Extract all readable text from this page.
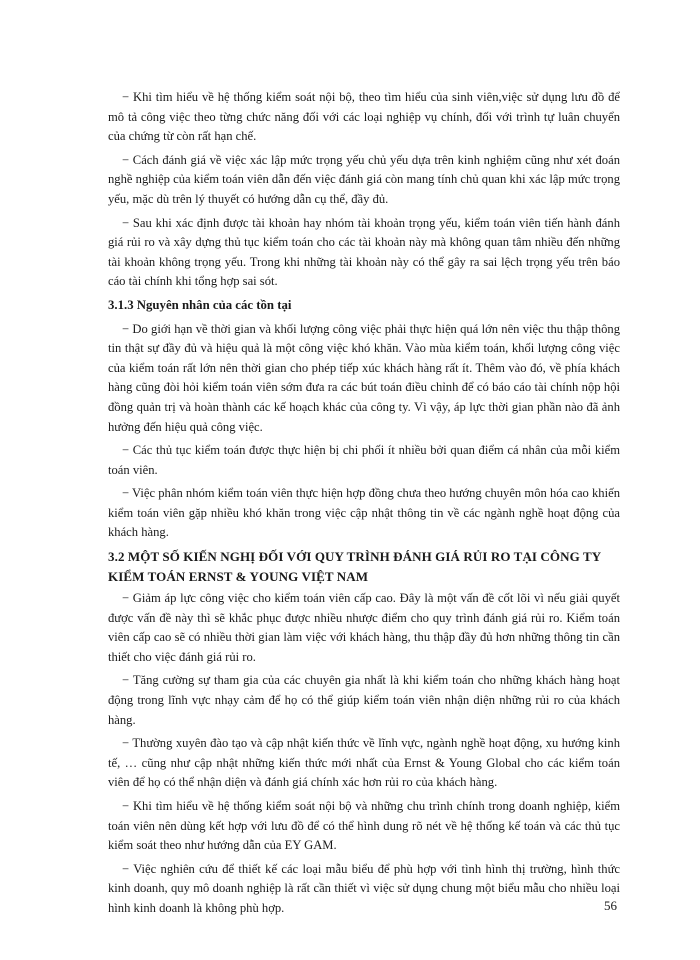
− Khi tìm hiểu về hệ thống kiểm soát nội bộ, theo tìm hiểu của sinh viên,việc sử dụng lưu đồ để mô tả công việc theo từng chức năng đối với các loại nghiệp vụ chính, đối với trình tự luân chuyển của chứng từ còn rất hạn chế.

− Cách đánh giá về việc xác lập mức trọng yếu chủ yếu dựa trên kinh nghiệm cũng như xét đoán nghề nghiệp của kiểm toán viên dẫn đến việc đánh giá còn mang tính chủ quan khi xác lập mức trọng yếu, mặc dù trên lý thuyết có hướng dẫn cụ thể, đầy đủ.

− Sau khi xác định được tài khoản hay nhóm tài khoản trọng yếu, kiểm toán viên tiến hành đánh giá rủi ro và xây dựng thủ tục kiểm toán cho các tài khoản này mà không quan tâm nhiều đến những tài khoản không trọng yếu. Trong khi những tài khoản này có thể gây ra sai lệch trọng yếu trên báo cáo tài chính khi tổng hợp sai sót.

3.1.3 Nguyên nhân của các tồn tại

− Do giới hạn về thời gian và khối lượng công việc phải thực hiện quá lớn nên việc thu thập thông tin thật sự đầy đủ và hiệu quả là một công việc khó khăn. Vào mùa kiểm toán, khối lượng công việc của kiểm toán rất lớn nên thời gian cho phép tiếp xúc khách hàng rất ít. Thêm vào đó, về phía khách hàng cũng đòi hỏi kiểm toán viên sớm đưa ra các bút toán điều chỉnh để có báo cáo tài chính nộp hội đồng quản trị và hoàn thành các kế hoạch khác của công ty. Vì vậy, áp lực thời gian phần nào đã ảnh hưởng đến hiệu quả công việc.

− Các thủ tục kiểm toán được thực hiện bị chi phối ít nhiều bởi quan điểm cá nhân của mỗi kiểm toán viên.

− Việc phân nhóm kiểm toán viên thực hiện hợp đồng chưa theo hướng chuyên môn hóa cao khiến kiểm toán viên gặp nhiều khó khăn trong việc cập nhật thông tin về các ngành nghề hoạt động của khách hàng.

3.2 MỘT SỐ KIẾN NGHỊ ĐỐI VỚI QUY TRÌNH ĐÁNH GIÁ RỦI RO TẠI CÔNG TY KIỂM TOÁN ERNST & YOUNG VIỆT NAM

− Giảm áp lực công việc cho kiểm toán viên cấp cao. Đây là một vấn đề cốt lõi vì nếu giải quyết được vấn đề này thì sẽ khắc phục được nhiều nhược điểm cho quy trình đánh giá rủi ro. Kiểm toán viên cấp cao sẽ có nhiều thời gian làm việc với khách hàng, thu thập đầy đủ hơn những thông tin cần thiết cho việc đánh giá rủi ro.

− Tăng cường sự tham gia của các chuyên gia nhất là khi kiểm toán cho những khách hàng hoạt động trong lĩnh vực nhạy cảm để họ có thể giúp kiểm toán viên nhận diện những rủi ro của khách hàng.

− Thường xuyên đào tạo và cập nhật kiến thức về lĩnh vực, ngành nghề hoạt động, xu hướng kinh tế, … cũng như cập nhật những kiến thức mới nhất của Ernst & Young Global cho các kiểm toán viên để họ có thể nhận diện và đánh giá chính xác hơn rủi ro của khách hàng.

− Khi tìm hiểu về hệ thống kiểm soát nội bộ và những chu trình chính trong doanh nghiệp, kiểm toán viên nên dùng kết hợp với lưu đồ để có thể hình dung rõ nét về hệ thống kế toán và các thủ tục kiểm soát theo như hướng dẫn của EY GAM.

− Việc nghiên cứu để thiết kế các loại mẫu biểu để phù hợp với tình hình thị trường, hình thức kinh doanh, quy mô doanh nghiệp là rất cần thiết vì việc sử dụng chung một biểu mẫu cho nhiều loại hình kinh doanh là không phù hợp.	56
